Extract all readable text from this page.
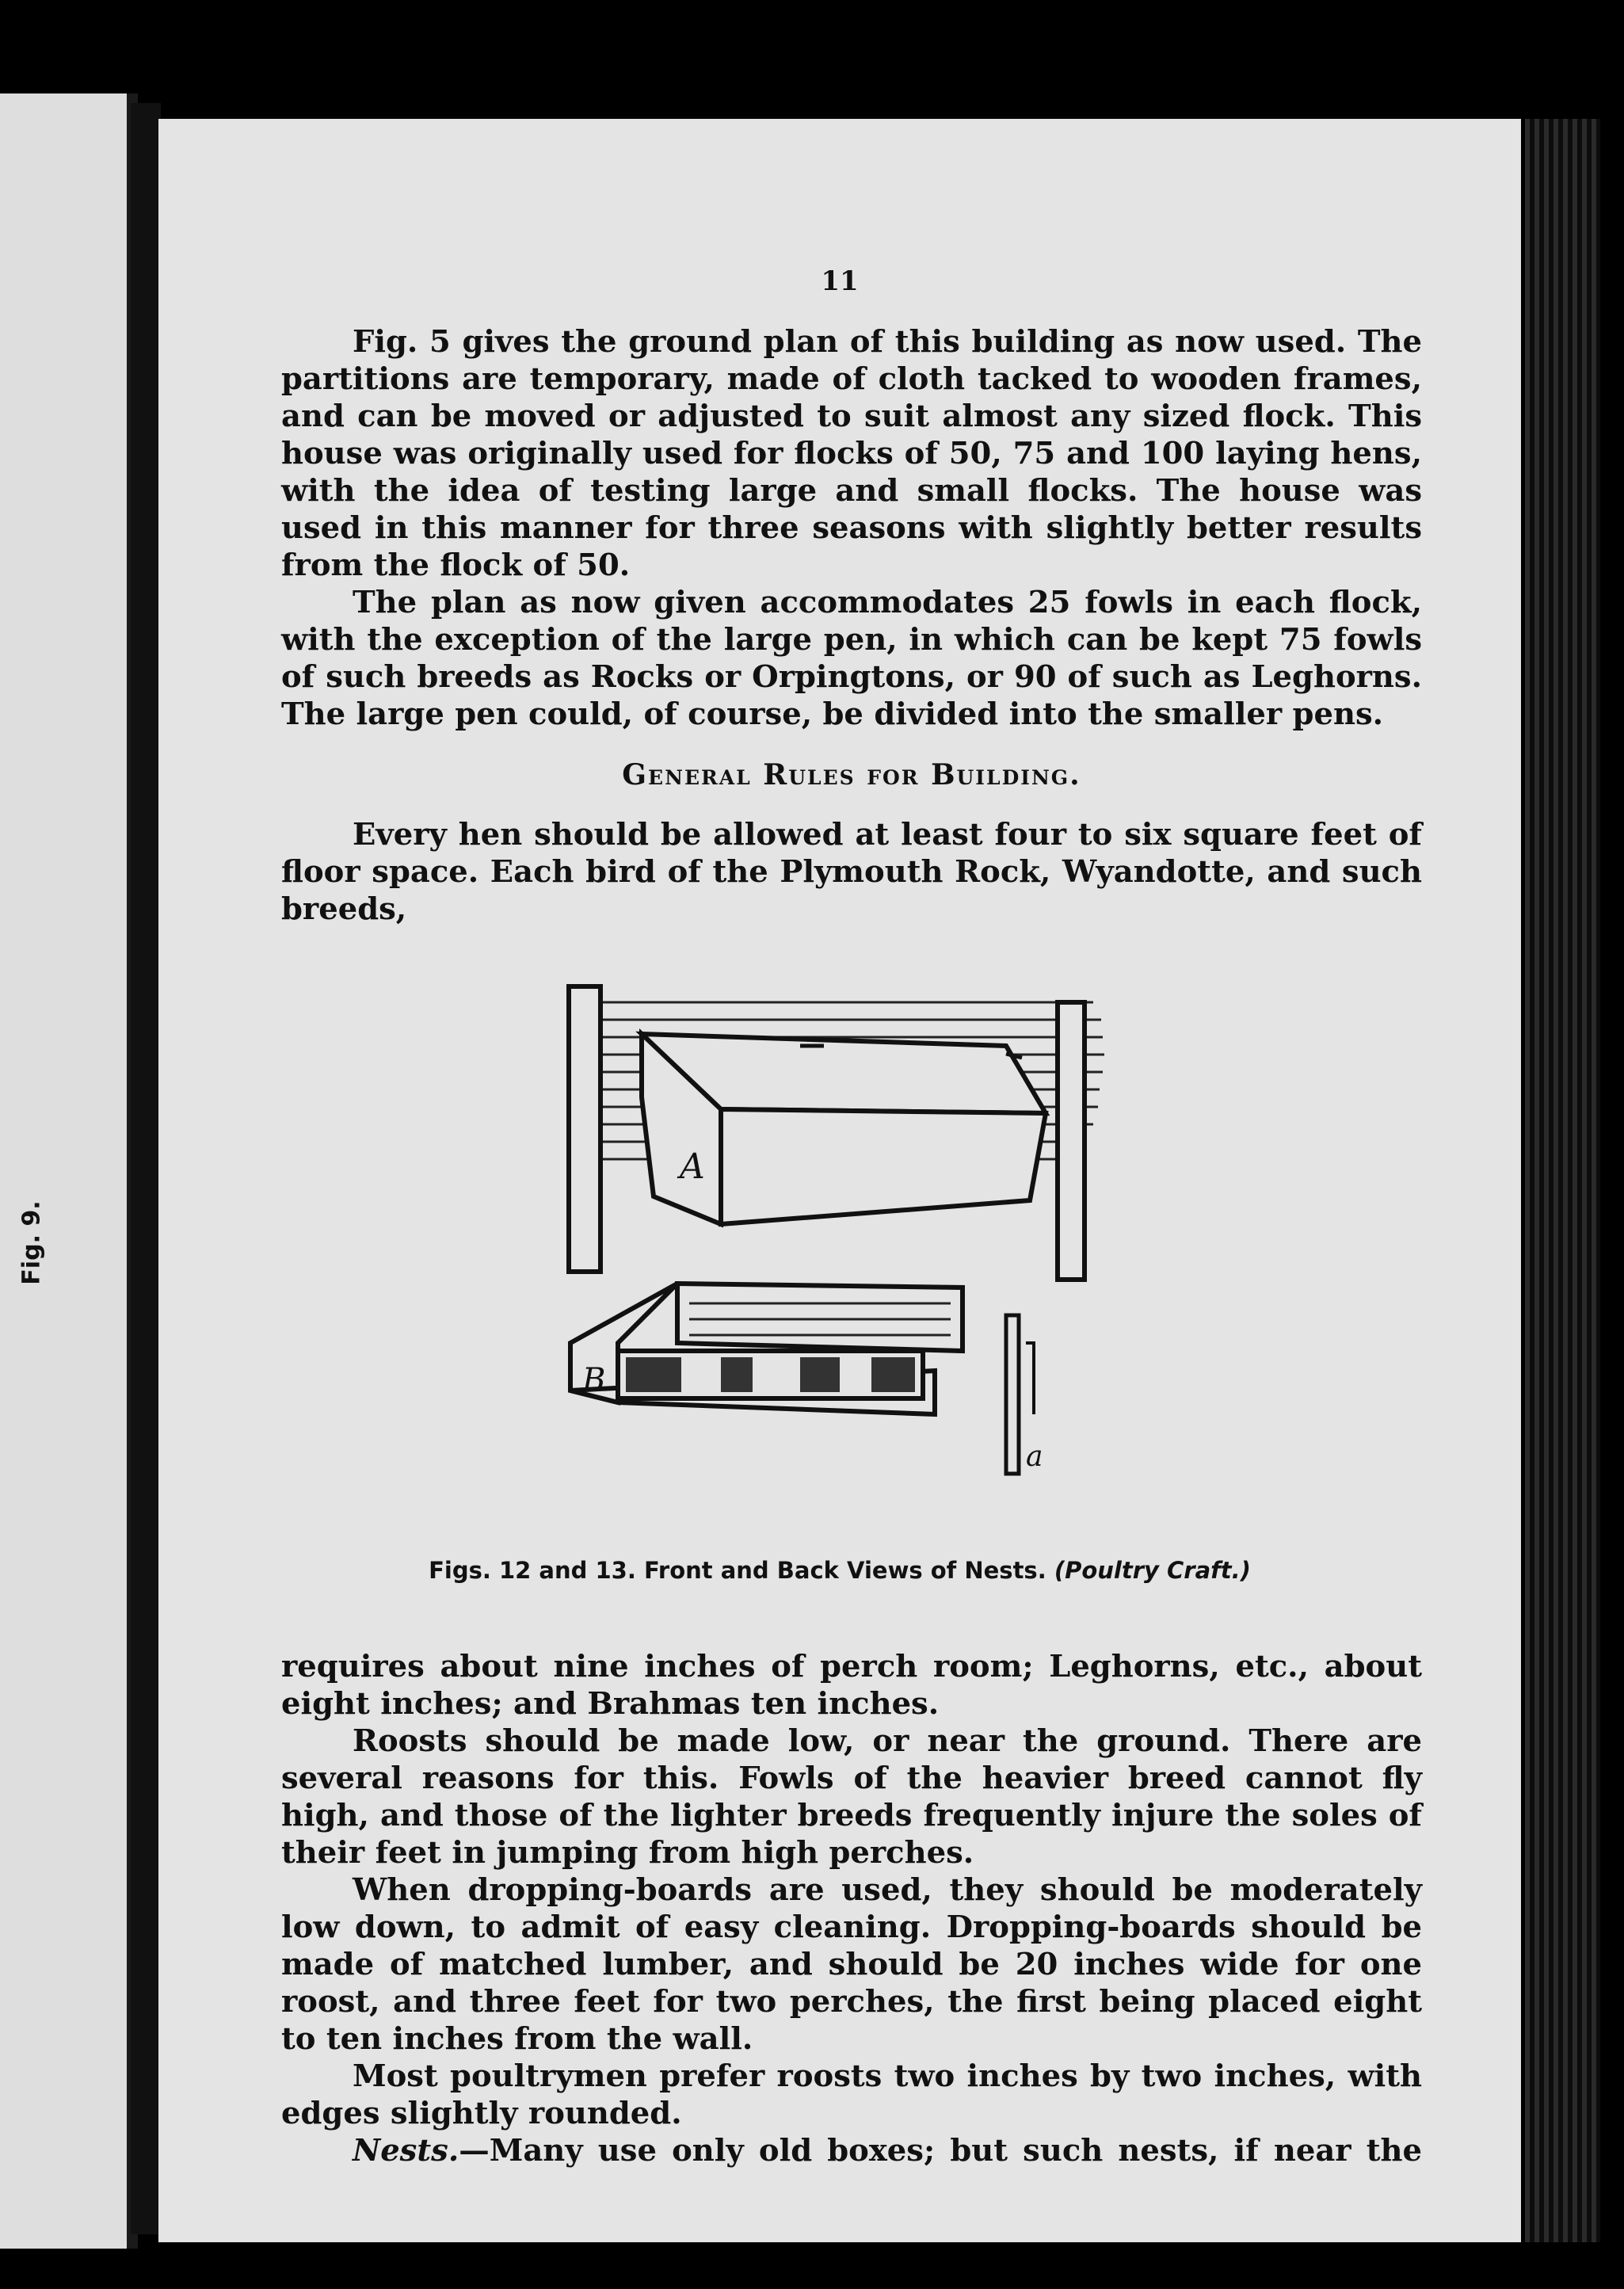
Fig. 9.
11

Fig. 5 gives the ground plan of this building as now used. The partitions are temporary, made of cloth tacked to wooden frames, and can be moved or adjusted to suit almost any sized flock. This house was originally used for flocks of 50, 75 and 100 laying hens, with the idea of testing large and small flocks. The house was used in this manner for three seasons with slightly better results from the flock of 50.

The plan as now given accommodates 25 fowls in each flock, with the exception of the large pen, in which can be kept 75 fowls of such breeds as Rocks or Orpingtons, or 90 of such as Leghorns. The large pen could, of course, be divided into the smaller pens.

General Rules for Building.

Every hen should be allowed at least four to six square feet of floor space. Each bird of the Plymouth Rock, Wyandotte, and such breeds,

A
B
a
Figs. 12 and 13. Front and Back Views of Nests. (Poultry Craft.)

requires about nine inches of perch room; Leghorns, etc., about eight inches; and Brahmas ten inches.

Roosts should be made low, or near the ground. There are several reasons for this. Fowls of the heavier breed cannot fly high, and those of the lighter breeds frequently injure the soles of their feet in jumping from high perches.

When dropping-boards are used, they should be moderately low down, to admit of easy cleaning. Dropping-boards should be made of matched lumber, and should be 20 inches wide for one roost, and three feet for two perches, the first being placed eight to ten inches from the wall.

Most poultrymen prefer roosts two inches by two inches, with edges slightly rounded.

Nests.—Many use only old boxes; but such nests, if near the
